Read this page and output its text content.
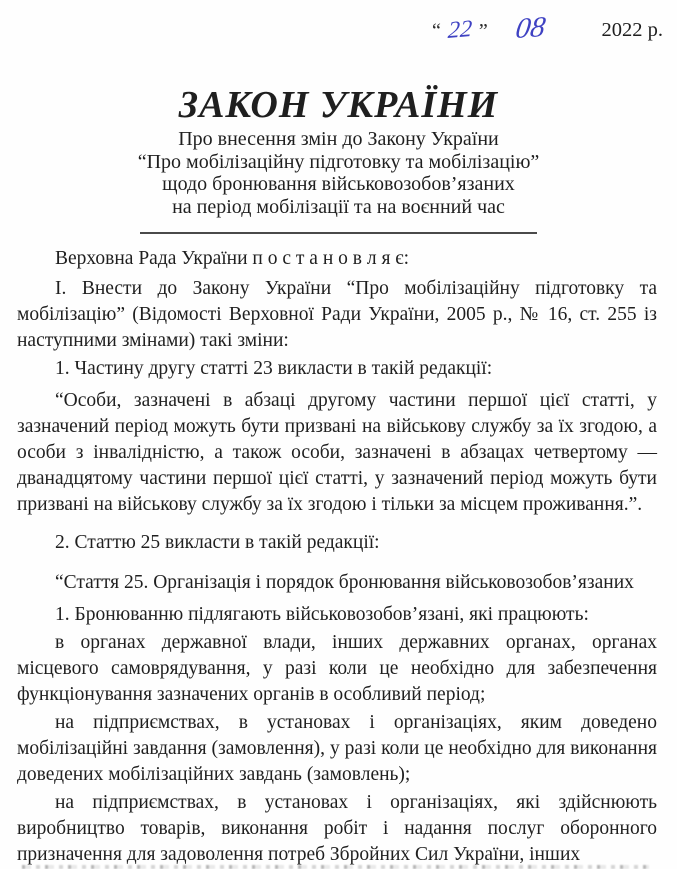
“ 22 ” 08	2022 р.
ЗАКОН УКРАЇНИ
Про внесення змін до Закону України
“Про мобілізаційну підготовку та мобілізацію”
щодо бронювання військовозобов’язаних
на період мобілізації та на воєнний час

Верховна Рада України п о с т а н о в л я є:

І. Внести до Закону України “Про мобілізаційну підготовку та мобілізацію” (Відомості Верховної Ради України, 2005 р., № 16, ст. 255 із наступними змінами) такі зміни:

1. Частину другу статті 23 викласти в такій редакції:

“Особи, зазначені в абзаці другому частини першої цієї статті, у зазначений період можуть бути призвані на військову службу за їх згодою, а особи з інвалідністю, а також особи, зазначені в абзацах четвертому — дванадцятому частини першої цієї статті, у зазначений період можуть бути призвані на військову службу за їх згодою і тільки за місцем проживання.”.

2. Статтю 25 викласти в такій редакції:

“Стаття 25. Організація і порядок бронювання військовозобов’язаних

1. Бронюванню підлягають військовозобов’язані, які працюють:

в органах державної влади, інших державних органах, органах місцевого самоврядування, у разі коли це необхідно для забезпечення функціонування зазначених органів в особливий період;

на підприємствах, в установах і організаціях, яким доведено мобілізаційні завдання (замовлення), у разі коли це необхідно для виконання доведених мобілізаційних завдань (замовлень);

на підприємствах, в установах і організаціях, які здійснюють виробництво товарів, виконання робіт і надання послуг оборонного призначення для задоволення потреб Збройних Сил України, інших
